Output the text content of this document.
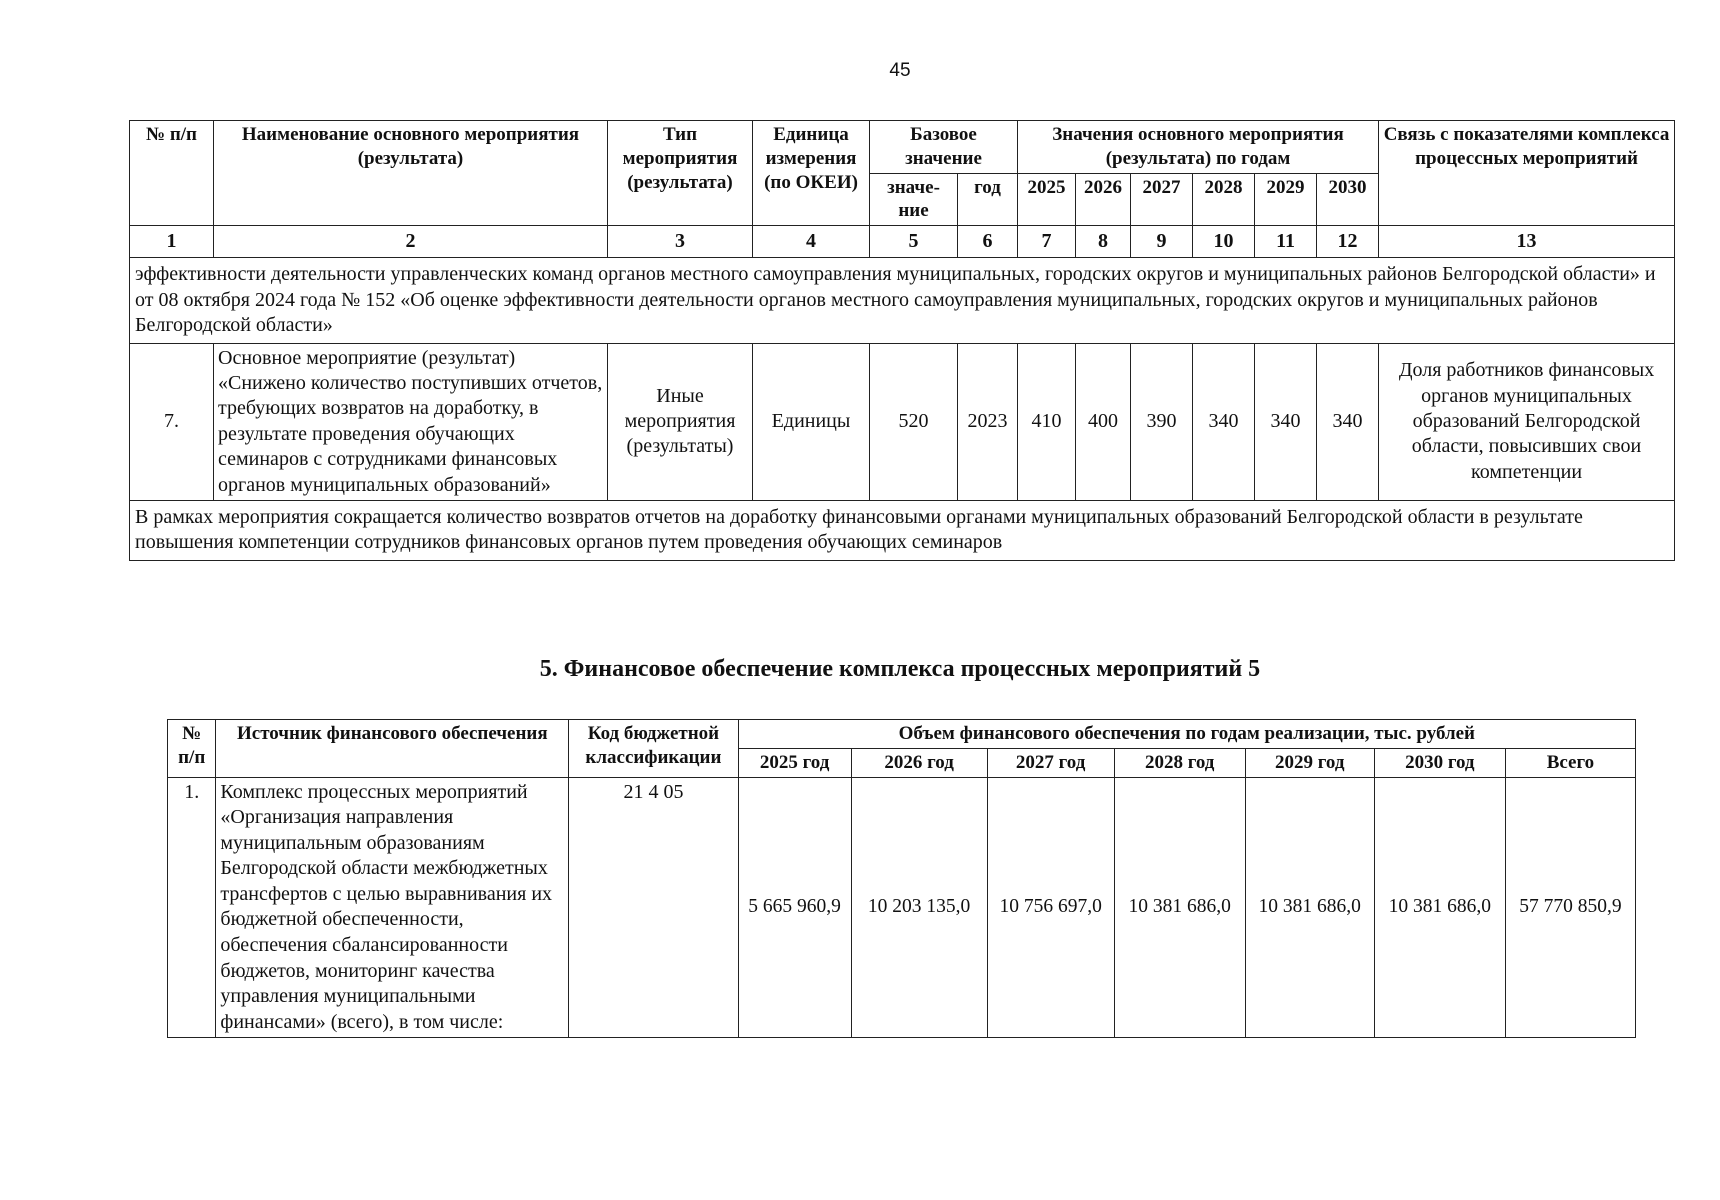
45
№ п/п	Наименование основного мероприятия (результата)	Тип мероприятия (результата)	Единица измерения (по ОКЕИ)	Базовое значение		Значения основного мероприятия (результата) по годам						Связь с показателями комплекса процессных мероприятий
				значе-ние	год	2025	2026	2027	2028	2029	2030	
1	2	3	4	5	6	7	8	9	10	11	12	13
эффективности деятельности управленческих команд органов местного самоуправления муниципальных, городских округов и муниципальных районов Белгородской области» и от 08 октября 2024 года № 152 «Об оценке эффективности деятельности органов местного самоуправления муниципальных, городских округов и муниципальных районов Белгородской области»												
7.	Основное мероприятие (результат) «Снижено количество поступивших отчетов, требующих возвратов на доработку, в результате проведения обучающих семинаров с сотрудниками финансовых органов муниципальных образований»	Иные мероприятия (результаты)	Единицы	520	2023	410	400	390	340	340	340	Доля работников финансовых органов муниципальных образований Белгородской области, повысивших свои компетенции
В рамках мероприятия сокращается количество возвратов отчетов на доработку финансовыми органами муниципальных образований Белгородской области в результате повышения компетенции сотрудников финансовых органов путем проведения обучающих семинаров												
5. Финансовое обеспечение комплекса процессных мероприятий 5
№ п/п	Источник финансового обеспечения	Код бюджетной классификации	Объем финансового обеспечения по годам реализации, тыс. рублей						
			2025 год	2026 год	2027 год	2028 год	2029 год	2030 год	Всего
1.	Комплекс процессных мероприятий «Организация направления муниципальным образованиям Белгородской области межбюджетных трансфертов с целью выравнивания их бюджетной обеспеченности, обеспечения сбалансированности бюджетов, мониторинг качества управления муниципальными финансами» (всего), в том числе:	21 4 05	5 665 960,9	10 203 135,0	10 756 697,0	10 381 686,0	10 381 686,0	10 381 686,0	57 770 850,9
